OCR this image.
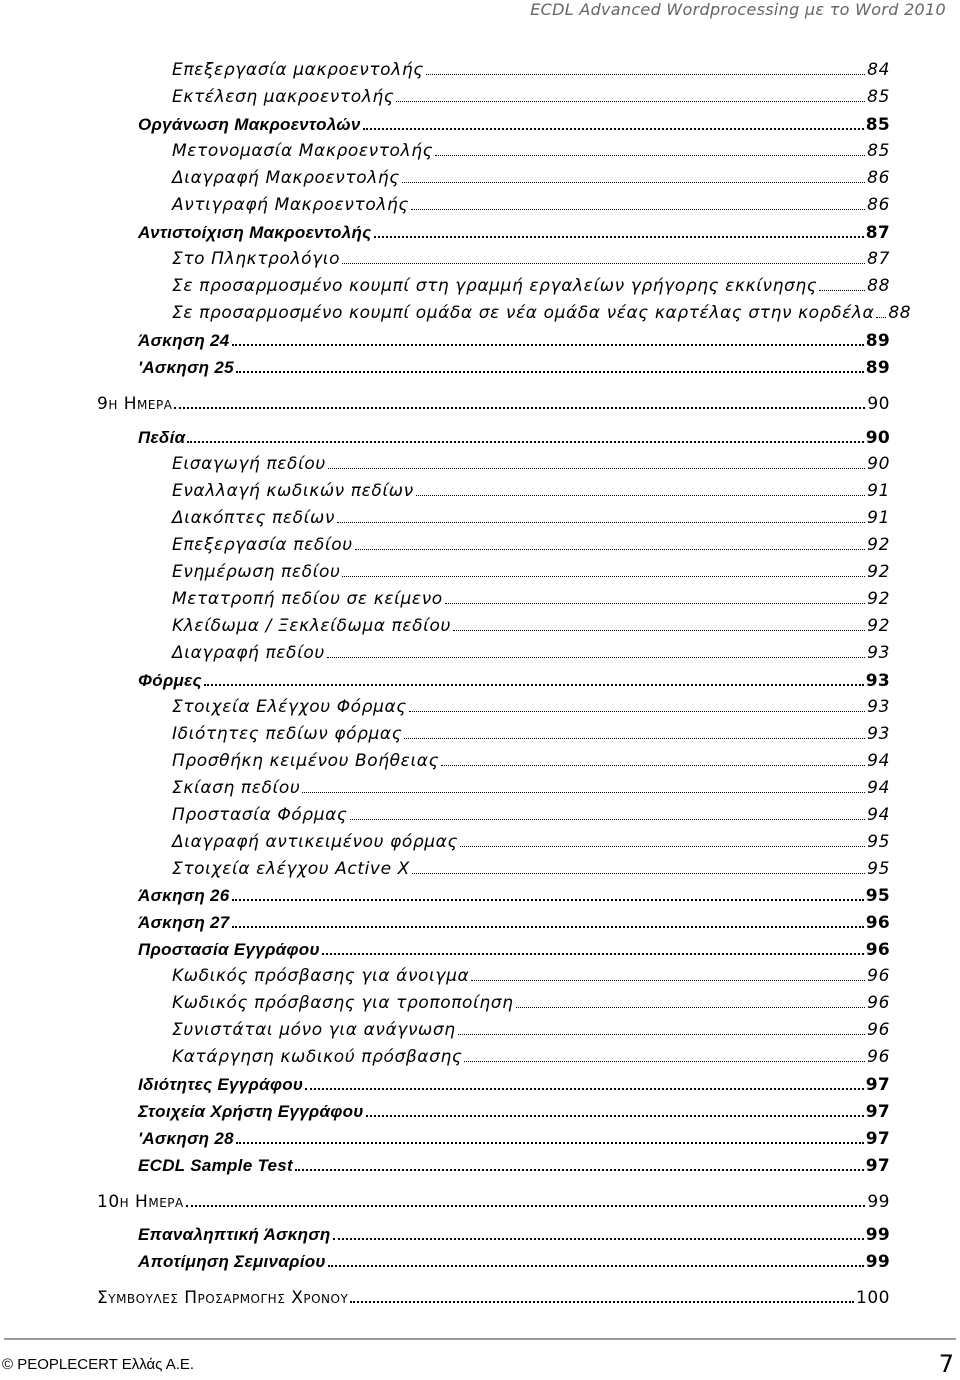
ECDL Advanced Wordprocessing με το Word 2010
Επεξεργασία μακροεντολής	84
Εκτέλεση μακροεντολής	85
Οργάνωση Μακροεντολών	85
Μετονομασία Μακροεντολής	85
Διαγραφή Μακροεντολής	86
Αντιγραφή Μακροεντολής	86
Αντιστοίχιση Μακροεντολής	87
Στο Πληκτρολόγιο	87
Σε προσαρμοσμένο κουμπί στη γραμμή εργαλείων γρήγορης εκκίνησης	88
Σε προσαρμοσμένο κουμπί ομάδα σε νέα ομάδα νέας καρτέλας στην κορδέλα 88
Άσκηση 24	89
'Ασκηση 25	89
9η Ημερα	90
Πεδία	90
Εισαγωγή πεδίου	90
Εναλλαγή κωδικών πεδίων	91
Διακόπτες πεδίων	91
Επεξεργασία πεδίου	92
Ενημέρωση πεδίου	92
Μετατροπή πεδίου σε κείμενο	92
Κλείδωμα / Ξεκλείδωμα πεδίου	92
Διαγραφή πεδίου	93
Φόρμες	93
Στοιχεία Ελέγχου Φόρμας	93
Ιδιότητες πεδίων φόρμας	93
Προσθήκη κειμένου Βοήθειας	94
Σκίαση πεδίου	94
Προστασία Φόρμας	94
Διαγραφή αντικειμένου φόρμας	95
Στοιχεία ελέγχου Active X	95
Άσκηση 26	95
Άσκηση 27	96
Προστασία Εγγράφου	96
Κωδικός πρόσβασης για άνοιγμα	96
Κωδικός πρόσβασης για τροποποίηση	96
Συνιστάται μόνο για ανάγνωση	96
Κατάργηση κωδικού πρόσβασης	96
Ιδιότητες Εγγράφου	97
Στοιχεία Χρήστη Εγγράφου	97
'Ασκηση 28	97
ECDL Sample Test	97
10η Ημερα	99
Επαναληπτική Άσκηση	99
Αποτίμηση Σεμιναρίου	99
Συμβουλες Προσαρμογης Χρονου	100
© PEOPLECERT Ελλάς Α.Ε.	7
